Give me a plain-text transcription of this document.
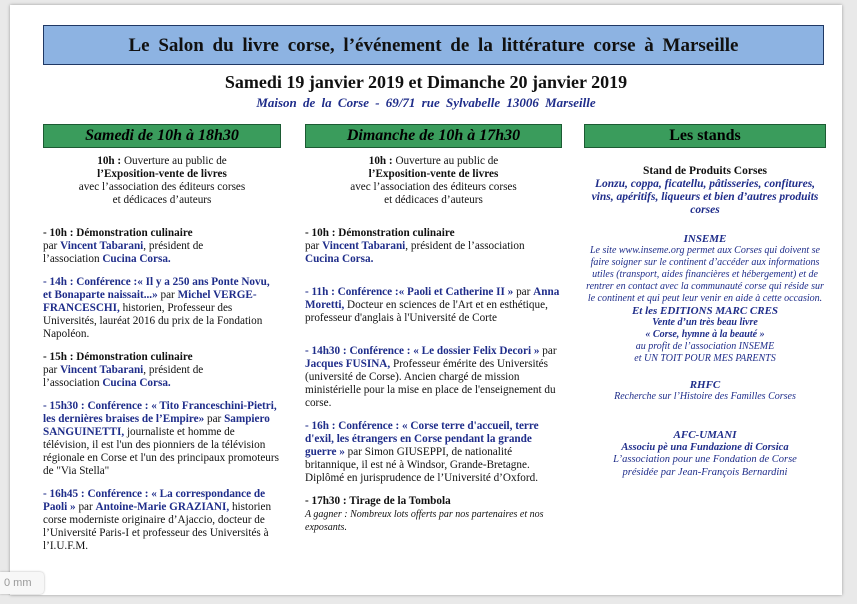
Le Salon du livre corse, l’événement de la littérature corse à Marseille
Samedi 19 janvier 2019 et Dimanche 20 janvier 2019
Maison de la Corse - 69/71 rue Sylvabelle 13006 Marseille
Samedi de 10h à 18h30	Dimanche de 10h à 17h30	Les stands

10h : Ouverture au public de
l’Exposition-vente de livres
avec l’association des éditeurs corses
et dédicaces d’auteurs

- 10h : Démonstration culinaire
par Vincent Tabarani, président de
l’association Cucina Corsa.

- 14h : Conférence :« Il y a 250 ans Ponte Novu, et Bonaparte naissait...» par Michel VERGE-FRANCESCHI, historien, Professeur des Universités, lauréat 2016 du prix de la Fondation Napoléon.

- 15h : Démonstration culinaire
par Vincent Tabarani, président de
l’association Cucina Corsa.

- 15h30 : Conférence : « Tito Franceschini-Pietri, les dernières braises de l’Empire» par Sampiero SANGUINETTI, journaliste et homme de télévision, il est l'un des pionniers de la télévision régionale en Corse et l'un des principaux promoteurs de "Via Stella"

- 16h45 : Conférence : « La correspondance de Paoli » par Antoine-Marie GRAZIANI, historien corse moderniste originaire d’Ajaccio, docteur de l’Université Paris-I et professeur des Universités à l’I.U.F.M.

10h : Ouverture au public de
l’Exposition-vente de livres
avec l’association des éditeurs corses
et dédicaces d’auteurs

- 10h : Démonstration culinaire
par Vincent Tabarani, président de l’association
Cucina Corsa.

- 11h : Conférence :« Paoli et Catherine II » par Anna Moretti, Docteur en sciences de l'Art et en esthétique, professeur d'anglais à l'Université de Corte

- 14h30 : Conférence : « Le dossier Felix Decori » par Jacques FUSINA, Professeur émérite des Universités (université de Corse). Ancien chargé de mission ministérielle pour la mise en place de l'enseignement du corse.

- 16h : Conférence : « Corse terre d'accueil, terre d'exil, les étrangers en Corse pendant la grande guerre » par Simon GIUSEPPI, de nationalité britannique, il est né à Windsor, Grande-Bretagne. Diplômé en jurisprudence de l’Université d’Oxford.

- 17h30 : Tirage de la Tombola
A gagner : Nombreux lots offerts par nos partenaires et nos exposants.

Stand de Produits Corses
Lonzu, coppa, ficatellu, pâtisseries, confitures, vins, apéritifs, liqueurs et bien d’autres produits corses

INSEME
Le site www.inseme.org permet aux Corses qui doivent se faire soigner sur le continent d’accéder aux informations utiles (transport, aides financières et hébergement) et de rentrer en contact avec la communauté corse qui réside sur le continent et qui peut leur venir en aide à cette occasion.

Et les EDITIONS MARC CRES
Vente d’un très beau livre
« Corse, hymne à la beauté »
au profit de l’association INSEME
et UN TOIT POUR MES PARENTS

RHFC
Recherche sur l’Histoire des Familles Corses

AFC-UMANI
Associu pè una Fundazione di Corsica
L’association pour une Fondation de Corse
présidée par Jean-François Bernardini

0 mm
